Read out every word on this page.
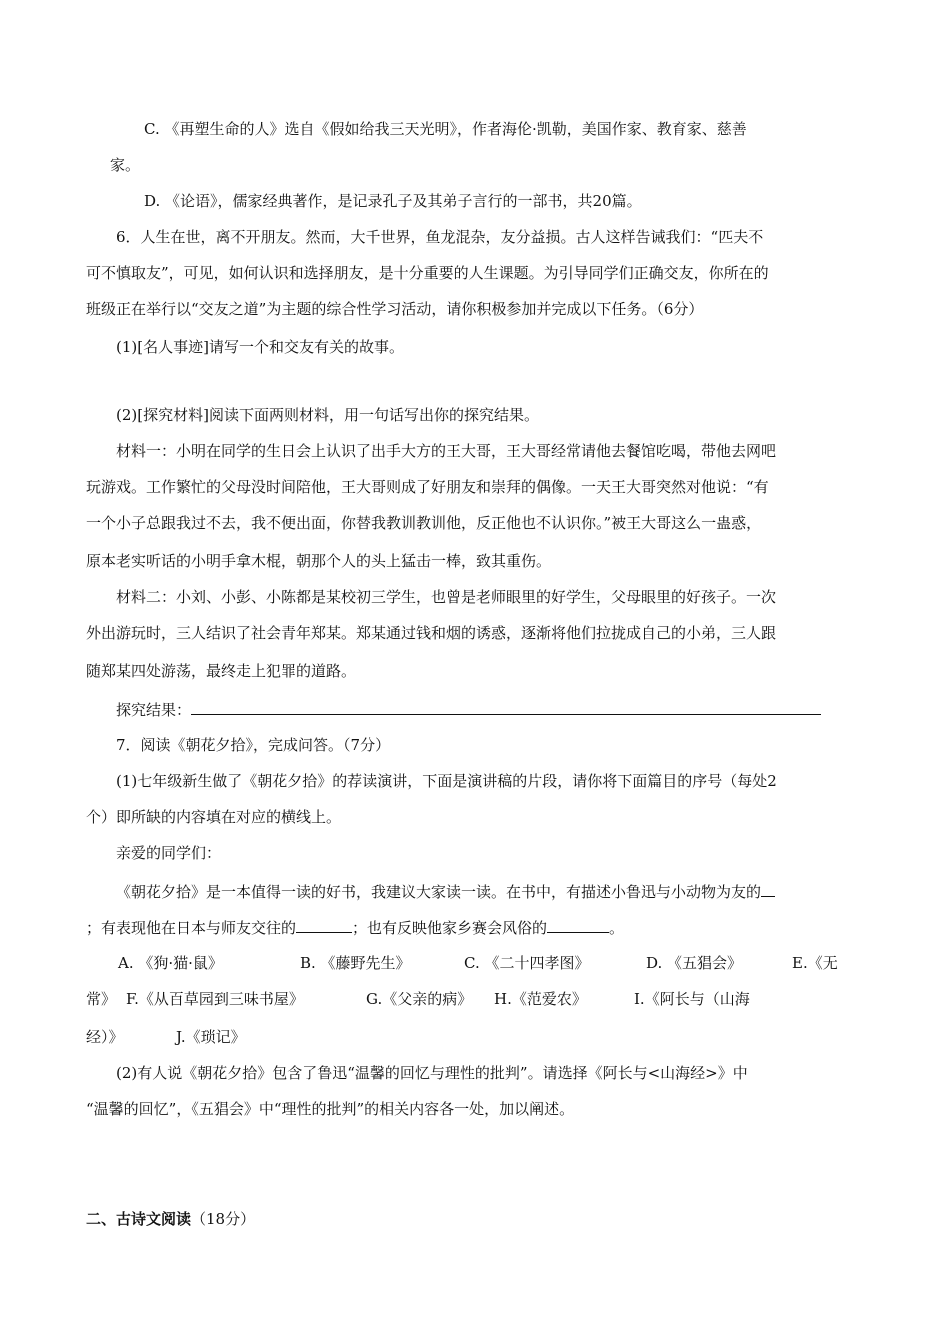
C. 《再塑生命的人》选自《假如给我三天光明》，作者海伦·凯勒，美国作家、教育家、慈善
家。
D. 《论语》，儒家经典著作，是记录孔子及其弟子言行的一部书，共20篇。
6．人生在世，离不开朋友。然而，大千世界，鱼龙混杂，友分益损。古人这样告诫我们：“匹夫不
可不慎取友”，可见，如何认识和选择朋友，是十分重要的人生课题。为引导同学们正确交友，你所在的
班级正在举行以“交友之道”为主题的综合性学习活动，请你积极参加并完成以下任务。（6分）
(1)[名人事迹]请写一个和交友有关的故事。
(2)[探究材料]阅读下面两则材料，用一句话写出你的探究结果。
材料一：小明在同学的生日会上认识了出手大方的王大哥，王大哥经常请他去餐馆吃喝，带他去网吧
玩游戏。工作繁忙的父母没时间陪他，王大哥则成了好朋友和崇拜的偶像。一天王大哥突然对他说：“有
一个小子总跟我过不去，我不便出面，你替我教训教训他，反正他也不认识你。”被王大哥这么一蛊惑，
原本老实听话的小明手拿木棍，朝那个人的头上猛击一棒，致其重伤。
材料二：小刘、小彭、小陈都是某校初三学生，也曾是老师眼里的好学生，父母眼里的好孩子。一次
外出游玩时，三人结识了社会青年郑某。郑某通过钱和烟的诱惑，逐渐将他们拉拢成自己的小弟，三人跟
随郑某四处游荡，最终走上犯罪的道路。
探究结果：
7．阅读《朝花夕拾》，完成问答。（7分）
(1)七年级新生做了《朝花夕拾》的荐读演讲，下面是演讲稿的片段，请你将下面篇目的序号（每处2
个）即所缺的内容填在对应的横线上。
亲爱的同学们：
《朝花夕拾》是一本值得一读的好书，我建议大家读一读。在书中，有描述小鲁迅与小动物为友的
；有表现他在日本与师友交往的	；也有反映他家乡赛会风俗的	。
A. 《狗·猫·鼠》	B. 《藤野先生》	C. 《二十四孝图》	D. 《五猖会》	E.《无
常》 F.《从百草园到三味书屋》	G.《父亲的病》 H.《范爱农》	I.《阿长与（山海
经）》	J.《琐记》
(2)有人说《朝花夕拾》包含了鲁迅“温馨的回忆与理性的批判”。请选择《阿长与<山海经>》中
“温馨的回忆”，《五猖会》中“理性的批判”的相关内容各一处，加以阐述。
二、古诗文阅读（18分）
